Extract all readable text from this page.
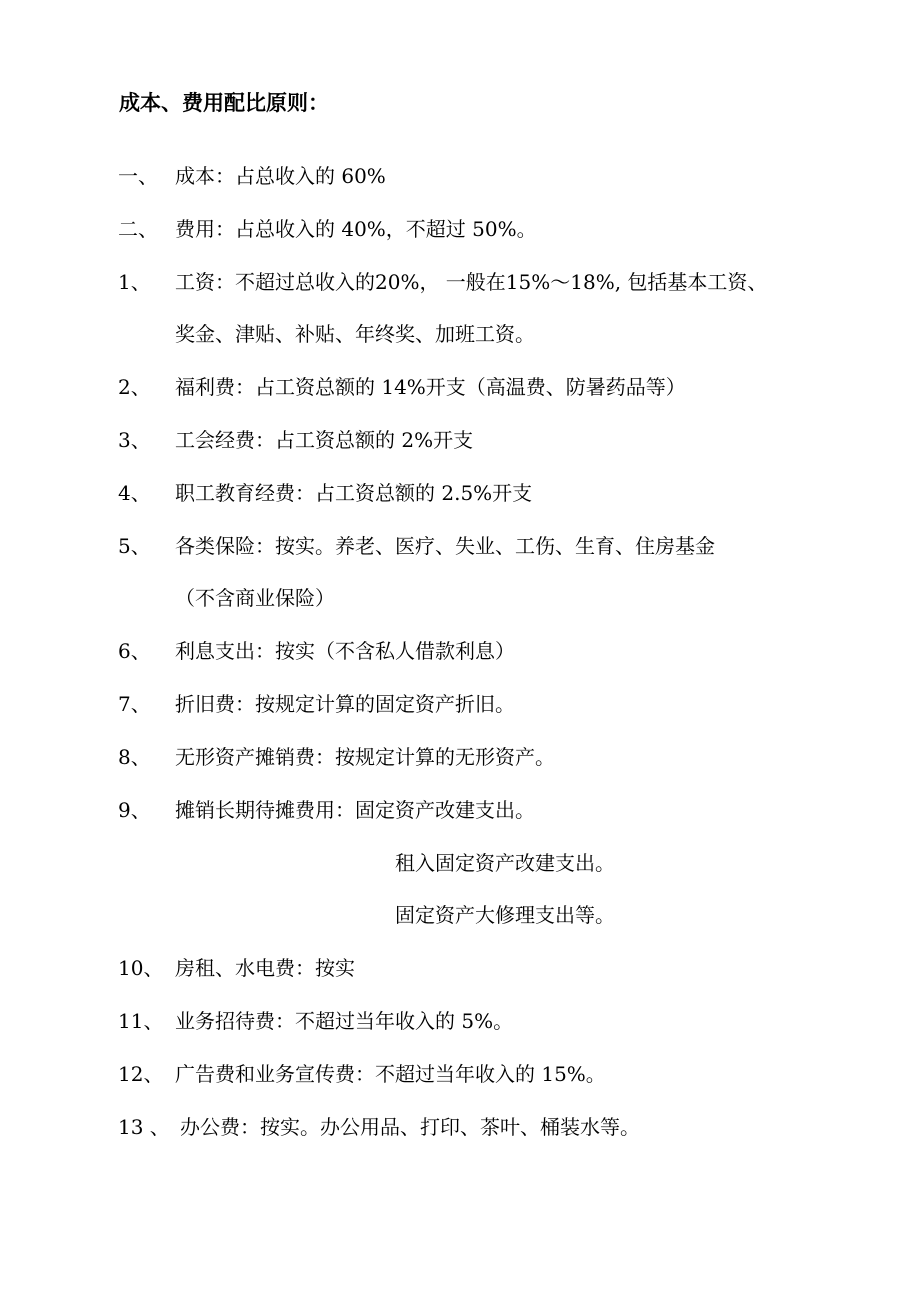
成本、费用配比原则：
一、 成本：占总收入的 60%
二、 费用：占总收入的 40%，不超过 50%。
1、 工资：不超过总收入的20%， 一般在15%～18%, 包括基本工资、
奖金、津贴、补贴、年终奖、加班工资。
2、 福利费：占工资总额的 14%开支（高温费、防暑药品等）
3、 工会经费：占工资总额的 2%开支
4、 职工教育经费：占工资总额的 2.5%开支
5、 各类保险：按实。养老、医疗、失业、工伤、生育、住房基金
（不含商业保险）
6、 利息支出：按实（不含私人借款利息）
7、 折旧费：按规定计算的固定资产折旧。
8、 无形资产摊销费：按规定计算的无形资产。
9、 摊销长期待摊费用：固定资产改建支出。
租入固定资产改建支出。
固定资产大修理支出等。
10、 房租、水电费：按实
11、 业务招待费：不超过当年收入的 5%。
12、 广告费和业务宣传费：不超过当年收入的 15%。
13 、 办公费：按实。办公用品、打印、茶叶、桶装水等。
